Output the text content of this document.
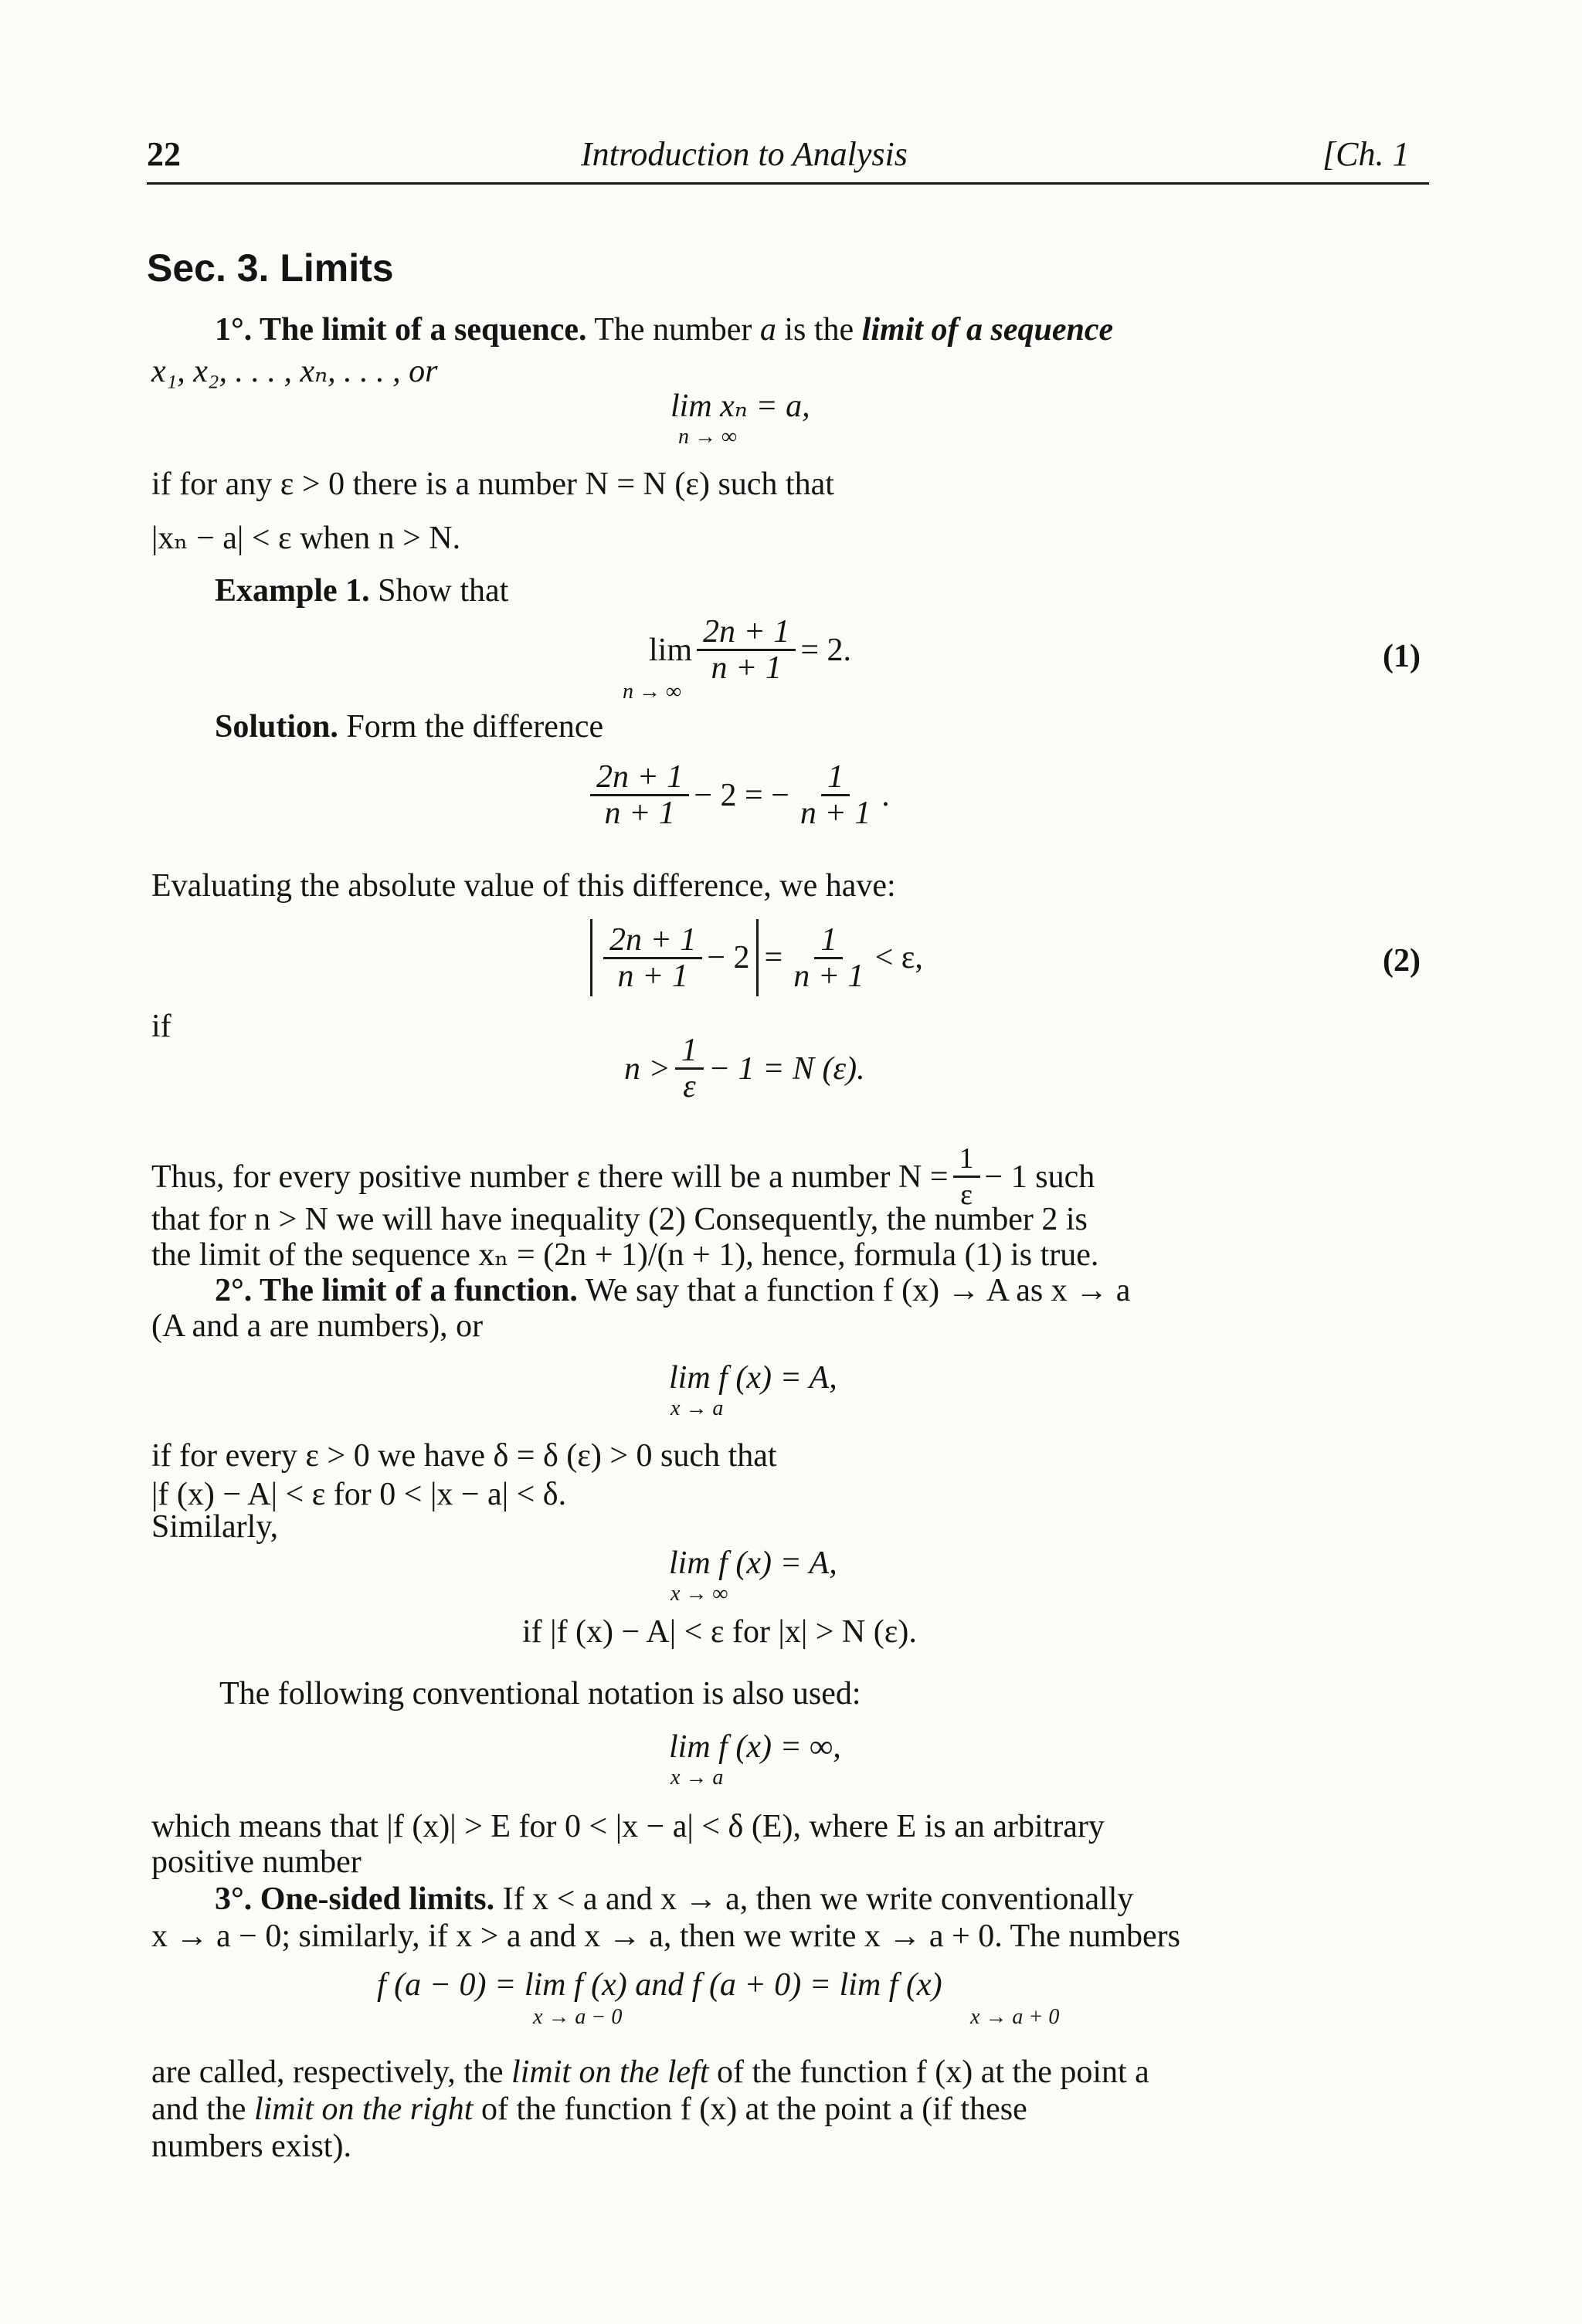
22	Introduction to Analysis	[Ch. 1
Sec. 3. Limits
1°. The limit of a sequence. The number a is the limit of a sequence
x₁, x₂, . . . , xₙ, . . . , or
lim xₙ = a,
n → ∞
if for any ε > 0 there is a number N = N (ε) such that
|xₙ − a| < ε when n > N.
Example 1. Show that
$\lim \frac{2n + 1}{n + 1} = 2$.
n → ∞
(1)
Solution. Form the difference
$\frac{2n + 1}{n + 1} - 2$ = − $\frac{1}{n + 1}$ .
Evaluating the absolute value of this difference, we have:
$\frac{2n + 1}{n + 1} - 2 = \frac{1}{n + 1} < \varepsilon$,	(2)
if
$n > \frac{1}{\varepsilon} - 1 = N$ (ε).
Thus, for every positive number ε there will be a number $N = \frac{1}{\varepsilon} - 1$ such
that for n > N we will have inequality (2) Consequently, the number 2 is
the limit of the sequence xₙ = (2n + 1)/(n + 1), hence, formula (1) is true.
2°. The limit of a function. We say that a function f (x) → A as x → a
(A and a are numbers), or
lim f (x) = A,
x → a
if for every ε > 0 we have δ = δ (ε) > 0 such that
|f (x) − A| < ε for 0 < |x − a| < δ.
Similarly,
lim f (x) = A,
x → ∞
if |f (x) − A| < ε for |x| > N (ε).
The following conventional notation is also used:
lim f (x) = ∞,
x → a
which means that |f (x)| > E for 0 < |x − a| < δ (E), where E is an arbitrary
positive number
3°. One-sided limits. If x < a and x → a, then we write conventionally
x → a − 0; similarly, if x > a and x → a, then we write x → a + 0. The numbers
f (a − 0) = lim f (x) and f (a + 0) = lim f (x)
x → a − 0	x → a + 0
are called, respectively, the limit on the left of the function f (x) at the point a
and the limit on the right of the function f (x) at the point a (if these
numbers exist).
